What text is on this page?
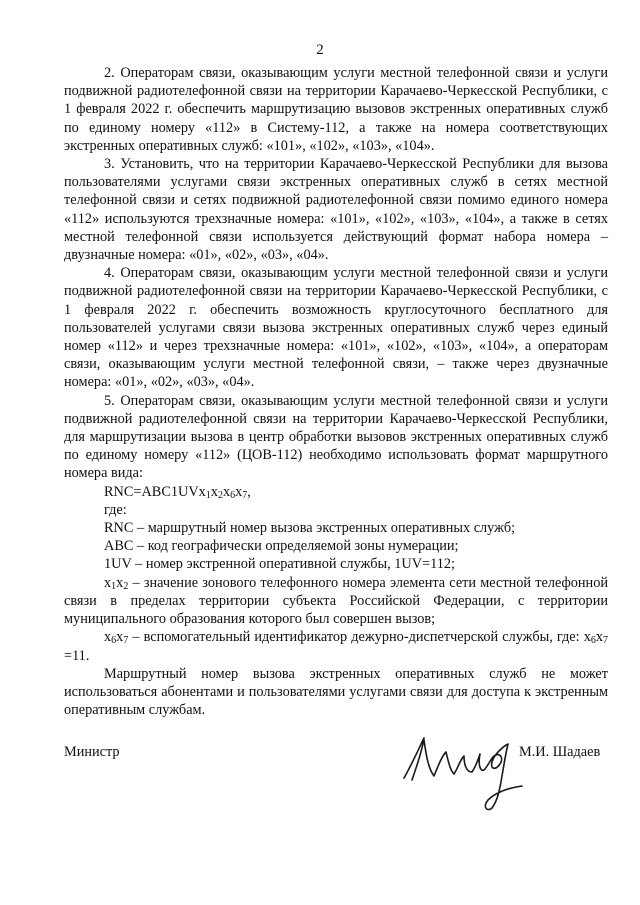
2

2. Операторам связи, оказывающим услуги местной телефонной связи и услуги подвижной радиотелефонной связи на территории Карачаево-Черкесской Республики, с 1 февраля 2022 г. обеспечить маршрутизацию вызовов экстренных оперативных служб по единому номеру «112» в Систему-112, а также на номера соответствующих экстренных оперативных служб: «101», «102», «103», «104».

3. Установить, что на территории Карачаево-Черкесской Республики для вызова пользователями услугами связи экстренных оперативных служб в сетях местной телефонной связи и сетях подвижной радиотелефонной связи помимо единого номера «112» используются трехзначные номера: «101», «102», «103», «104», а также в сетях местной телефонной связи используется действующий формат набора номера – двузначные номера: «01», «02», «03», «04».

4. Операторам связи, оказывающим услуги местной телефонной связи и услуги подвижной радиотелефонной связи на территории Карачаево-Черкесской Республики, с 1 февраля 2022 г. обеспечить возможность круглосуточного бесплатного для пользователей услугами связи вызова экстренных оперативных служб через единый номер «112» и через трехзначные номера: «101», «102», «103», «104», а операторам связи, оказывающим услуги местной телефонной связи, – также через двузначные номера: «01», «02», «03», «04».

5. Операторам связи, оказывающим услуги местной телефонной связи и услуги подвижной радиотелефонной связи на территории Карачаево-Черкесской Республики, для маршрутизации вызова в центр обработки вызовов экстренных оперативных служб по единому номеру «112» (ЦОВ-112) необходимо использовать формат маршрутного номера вида:

$RNC=ABC1UVx_1x_2x_6x_7$,

где:

RNC – маршрутный номер вызова экстренных оперативных служб;

ABC – код географически определяемой зоны нумерации;

1UV – номер экстренной оперативной службы, 1UV=112;

$x_1x_2$ – значение зонового телефонного номера элемента сети местной телефонной связи в пределах территории субъекта Российской Федерации, с территории муниципального образования которого был совершен вызов;

$x_6x_7$ – вспомогательный идентификатор дежурно-диспетчерской службы, где: $x_6x_7 =11$.

Маршрутный номер вызова экстренных оперативных служб не может использоваться абонентами и пользователями услугами связи для доступа к экстренным оперативным службам.

Министр	М.И. Шадаев
